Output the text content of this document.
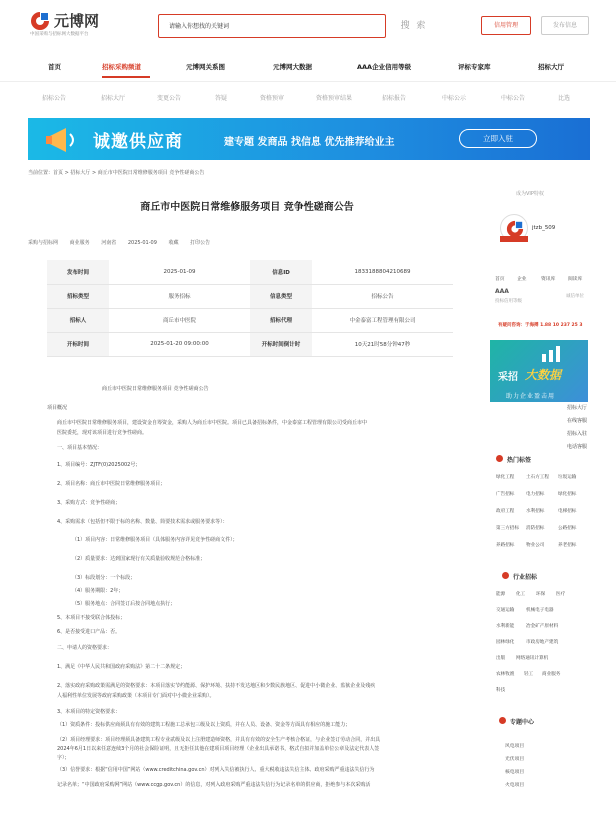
元博网
中国采购与招标网大数据平台
请输入你想找的关键词	搜 索	信用管理	发布信息
首页	招标采购频道	元博网关系图	元博网大数据	AAA企业信用等级	评标专家库	招标大厅
招标公告	招标大厅	变更公告	答疑	资格预审	资格预审结果	招标报告	中标公示	中标公告	比选
诚邀供应商	建专题 发商品 找信息 优先推荐给业主	立即入驻
当前位置：首页 > 招标大厅 > 商丘市中医院日常维修服务项目 竞争性磋商公告
成为VIP特权
商丘市中医院日常维修服务项目 竞争性磋商公告
采购与招标网 商业服务 河南省 2025-01-09 收藏 打印公告
发布时间	2025-01-09	信息ID	1833188804210689
招标类型	服务招标	信息类型	招标公告
招标人	商丘市中医院	招标代理	中金泰富工程管理有限公司
开标时间	2025-01-20 09:00:00	开标时间倒计时	10天21时58分钟47秒

商丘市中医院日常维修服务项目 竞争性磋商公告

项目概况

商丘市中医院日常维修服务项目，建设资金自筹资金，采购人为商丘市中医院。项目已具备招标条件，中金泰富工程管理有限公司受商丘市中

医院委托，现对该项目进行竞争性磋商。

一、项目基本情况：

1、项目编号：ZJTF(0)2025002号；

2、项目名称：商丘市中医院日常维修服务项目；

3、采购方式：竞争性磋商；

4、采购需求（包括但不限于标的名称、数量、简要技术需求或服务要求等）：

（1）项目内容：日常维修服务项目（具体服务内容详见竞争性磋商文件）；

（2）质量要求：达到国家现行有关质量验收规范合格标准；

（3）标段划分：一个标段；

（4）服务期限：2年；

（5）服务地点：合同签订后按合同地点执行；

5、本项目不接受联合体投标；

6、是否接受进口产品：否。

二、申请人的资格要求：

1、满足《中华人民共和国政府采购法》第二十二条规定；

2、落实政府采购政策需满足的资格要求：本项目落实节约能源、保护环境、扶持不发达地区和少数民族地区、促进中小微企业、监狱企业及残疾

人福利性单位发展等政府采购政策（本项目专门面对中小微企业采购）。

3、本项目的特定资格要求：

（1）资质条件：投标供应商须具有有效的建筑工程施工总承包三级及以上资质，并在人员、设备、资金等方面具有相应的施工能力；

（2）项目经理要求：项目经理须具备建筑工程专业贰级及以上注册建造师资格，并具有有效的安全生产考核合格证，与企业签订劳动合同，并出具

2024年6月1日以来任意连续3个月的社会保险证明，且无拒任其他在建项目项目经理（企业出具承诺书，格式自拟并加盖单位公章及法定代表人签

字）；

（3）信誉要求：根据“信用中国”网站（www.creditchina.gov.cn）对列入失信被执行人、重大税收违法失信主体、政府采购严重违法失信行为

记录名单；“中国政府采购网”网站（www.ccgp.gov.cn）的信息，对列入政府采购严重违法失信行为记录名单的供应商，拒绝参与本次采购活

jtzb_509
首页	企业	资讯库	阅读库
AAA
投标信用等级
诚信单位
有疑问咨询：于海搏 1.88 10 237 25 3
采招 大数据
助力企业盈击用
招标大厅
在线客服
招标入驻
电话客服
热门标签
绿化工程	土石方工程 垃圾运输
广告招标	电力招标	绿化招标
政府工程	水利招标	电梯招标
第三方招标 消防招标	公路招标
养路招标	物业公司	养老招标
行业招标
能源 化工 环保 医疗
交通运输	机械电子电器
水利新能	冶金矿产原材料
园林绿化	市政房地产建筑
出版 网络通讯计算机
农林牧渔 轻工 商业服务
科技
专题中心
风电项目
光伏项目
核电项目
火电项目
